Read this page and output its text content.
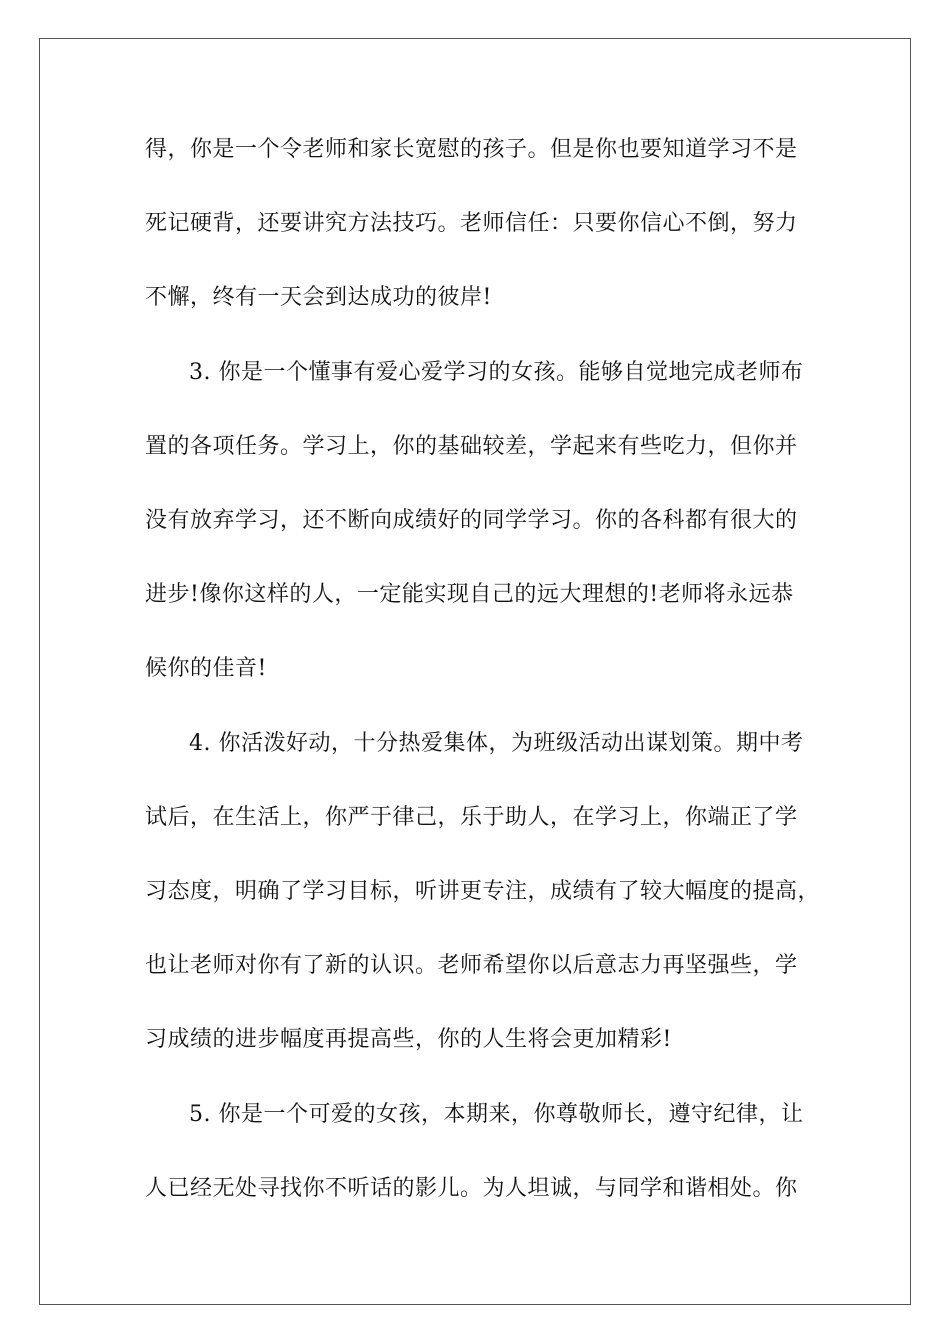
得，你是一个令老师和家长宽慰的孩子。但是你也要知道学习不是
死记硬背，还要讲究方法技巧。老师信任：只要你信心不倒，努力
不懈，终有一天会到达成功的彼岸!
3. 你是一个懂事有爱心爱学习的女孩。能够自觉地完成老师布
置的各项任务。学习上，你的基础较差，学起来有些吃力，但你并
没有放弃学习，还不断向成绩好的同学学习。你的各科都有很大的
进步!像你这样的人，一定能实现自己的远大理想的!老师将永远恭
候你的佳音!
4. 你活泼好动，十分热爱集体，为班级活动出谋划策。期中考
试后，在生活上，你严于律己，乐于助人，在学习上，你端正了学
习态度，明确了学习目标，听讲更专注，成绩有了较大幅度的提高，
也让老师对你有了新的认识。老师希望你以后意志力再坚强些，学
习成绩的进步幅度再提高些，你的人生将会更加精彩!
5. 你是一个可爱的女孩，本期来，你尊敬师长，遵守纪律，让
人已经无处寻找你不听话的影儿。为人坦诚，与同学和谐相处。你
